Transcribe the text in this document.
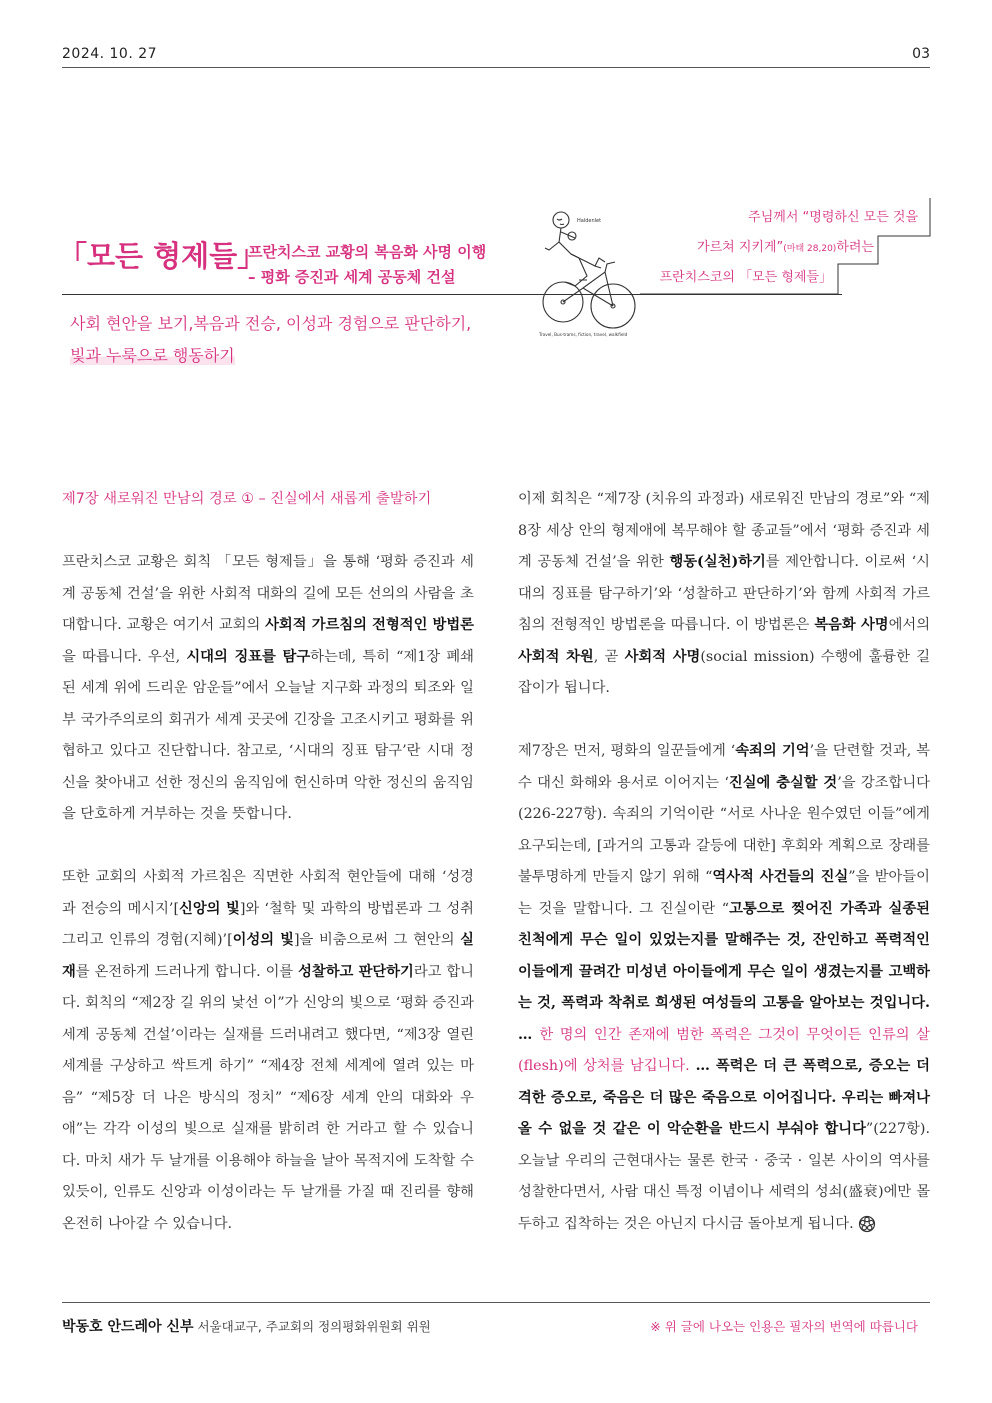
2024. 10. 27	03
「모든 형제들」
프란치스코 교황의 복음화 사명 이행
– 평화 증진과 세계 공동체 건설
사회 현안을 보기,복음과 전승, 이성과 경험으로 판단하기,
빛과 누룩으로 행동하기
Haldenlet
Travel, Bus-trams, fiction, travel, walkfield
주님께서 “명령하신 모든 것을
가르쳐 지키게”(마태 28,20)하려는
프란치스코의 「모든 형제들」
제7장 새로워진 만남의 경로 ① – 진실에서 새롭게 출발하기

프란치스코 교황은 회칙 「모든 형제들」을 통해 ‘평화 증진과 세계 공동체 건설’을 위한 사회적 대화의 길에 모든 선의의 사람을 초대합니다. 교황은 여기서 교회의 사회적 가르침의 전형적인 방법론을 따릅니다. 우선, 시대의 징표를 탐구하는데, 특히 “제1장 폐쇄된 세계 위에 드리운 암운들”에서 오늘날 지구화 과정의 퇴조와 일부 국가주의로의 회귀가 세계 곳곳에 긴장을 고조시키고 평화를 위협하고 있다고 진단합니다. 참고로, ‘시대의 징표 탐구’란 시대 정신을 찾아내고 선한 정신의 움직임에 헌신하며 악한 정신의 움직임을 단호하게 거부하는 것을 뜻합니다.

또한 교회의 사회적 가르침은 직면한 사회적 현안들에 대해 ‘성경과 전승의 메시지’[신앙의 빛]와 ‘철학 및 과학의 방법론과 그 성취 그리고 인류의 경험(지혜)’[이성의 빛]을 비춤으로써 그 현안의 실재를 온전하게 드러나게 합니다. 이를 성찰하고 판단하기라고 합니다. 회칙의 “제2장 길 위의 낯선 이”가 신앙의 빛으로 ‘평화 증진과 세계 공동체 건설’이라는 실재를 드러내려고 했다면, “제3장 열린 세계를 구상하고 싹트게 하기” “제4장 전체 세계에 열려 있는 마음” “제5장 더 나은 방식의 정치” “제6장 세계 안의 대화와 우애”는 각각 이성의 빛으로 실재를 밝히려 한 거라고 할 수 있습니다. 마치 새가 두 날개를 이용해야 하늘을 날아 목적지에 도착할 수 있듯이, 인류도 신앙과 이성이라는 두 날개를 가질 때 진리를 향해 온전히 나아갈 수 있습니다.

이제 회칙은 “제7장 (치유의 과정과) 새로워진 만남의 경로”와 “제8장 세상 안의 형제애에 복무해야 할 종교들”에서 ‘평화 증진과 세계 공동체 건설’을 위한 행동(실천)하기를 제안합니다. 이로써 ‘시대의 징표를 탐구하기’와 ‘성찰하고 판단하기’와 함께 사회적 가르침의 전형적인 방법론을 따릅니다. 이 방법론은 복음화 사명에서의 사회적 차원, 곧 사회적 사명(social mission) 수행에 훌륭한 길잡이가 됩니다.

제7장은 먼저, 평화의 일꾼들에게 ‘속죄의 기억’을 단련할 것과, 복수 대신 화해와 용서로 이어지는 ‘진실에 충실할 것’을 강조합니다(226-227항). 속죄의 기억이란 “서로 사나운 원수였던 이들”에게 요구되는데, [과거의 고통과 갈등에 대한] 후회와 계획으로 장래를 불투명하게 만들지 않기 위해 “역사적 사건들의 진실”을 받아들이는 것을 말합니다. 그 진실이란 “고통으로 찢어진 가족과 실종된 친척에게 무슨 일이 있었는지를 말해주는 것, 잔인하고 폭력적인 이들에게 끌려간 미성년 아이들에게 무슨 일이 생겼는지를 고백하는 것, 폭력과 착취로 희생된 여성들의 고통을 알아보는 것입니다. … 한 명의 인간 존재에 범한 폭력은 그것이 무엇이든 인류의 살(flesh)에 상처를 남깁니다. … 폭력은 더 큰 폭력으로, 증오는 더 격한 증오로, 죽음은 더 많은 죽음으로 이어집니다. 우리는 빠져나올 수 없을 것 같은 이 악순환을 반드시 부숴야 합니다”(227항). 오늘날 우리의 근현대사는 물론 한국 · 중국 · 일본 사이의 역사를 성찰한다면서, 사람 대신 특정 이념이나 세력의 성쇠(盛衰)에만 몰두하고 집착하는 것은 아닌지 다시금 돌아보게 됩니다.

박동호 안드레아 신부 서울대교구, 주교회의 정의평화위원회 위원	※ 위 글에 나오는 인용은 필자의 번역에 따릅니다
